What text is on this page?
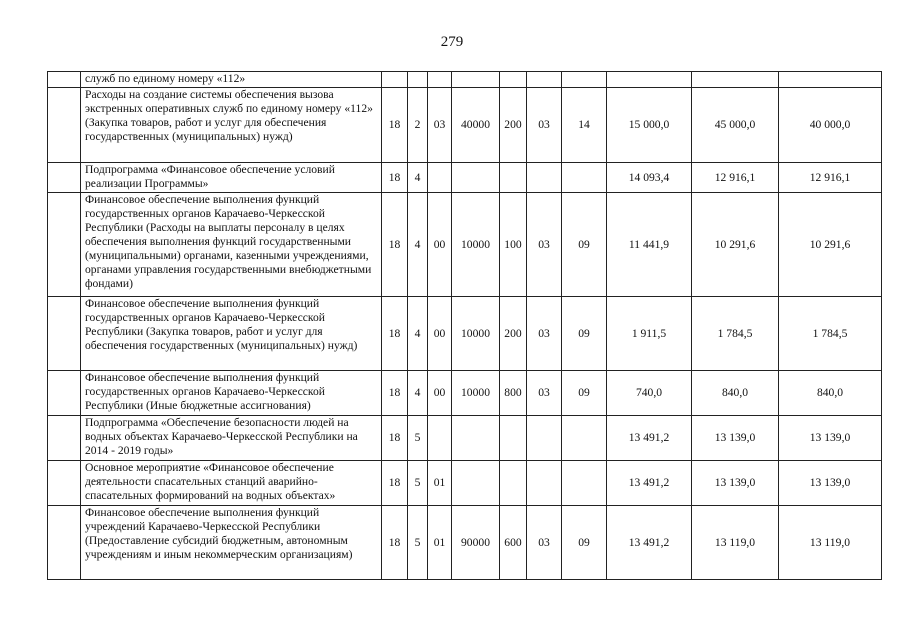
279
	служб по единому номеру «112»										
	Расходы на создание системы обеспечения вызова экстренных оперативных служб по единому номеру «112» (Закупка товаров, работ и услуг для обеспечения государственных (муниципальных) нужд)	18	2	03	40000	200	03	14	15 000,0	45 000,0	40 000,0
	Подпрограмма «Финансовое обеспечение условий реализации Программы»	18	4						14 093,4	12 916,1	12 916,1
	Финансовое обеспечение выполнения функций государственных органов Карачаево-Черкесской Республики (Расходы на выплаты персоналу в целях обеспечения выполнения функций государственными (муниципальными) органами, казенными учреждениями, органами управления государственными внебюджетными фондами)	18	4	00	10000	100	03	09	11 441,9	10 291,6	10 291,6
	Финансовое обеспечение выполнения функций государственных органов Карачаево-Черкесской Республики (Закупка товаров, работ и услуг для обеспечения государственных (муниципальных) нужд)	18	4	00	10000	200	03	09	1 911,5	1 784,5	1 784,5
	Финансовое обеспечение выполнения функций государственных органов Карачаево-Черкесской Республики (Иные бюджетные ассигнования)	18	4	00	10000	800	03	09	740,0	840,0	840,0
	Подпрограмма «Обеспечение безопасности людей на водных объектах Карачаево-Черкесской Республики на 2014 - 2019 годы»	18	5						13 491,2	13 139,0	13 139,0
	Основное мероприятие «Финансовое обеспечение деятельности спасательных станций аварийно-спасательных формирований на водных объектах»	18	5	01					13 491,2	13 139,0	13 139,0
	Финансовое обеспечение выполнения функций учреждений Карачаево-Черкесской Республики (Предоставление субсидий бюджетным, автономным учреждениям и иным некоммерческим организациям)	18	5	01	90000	600	03	09	13 491,2	13 119,0	13 119,0
